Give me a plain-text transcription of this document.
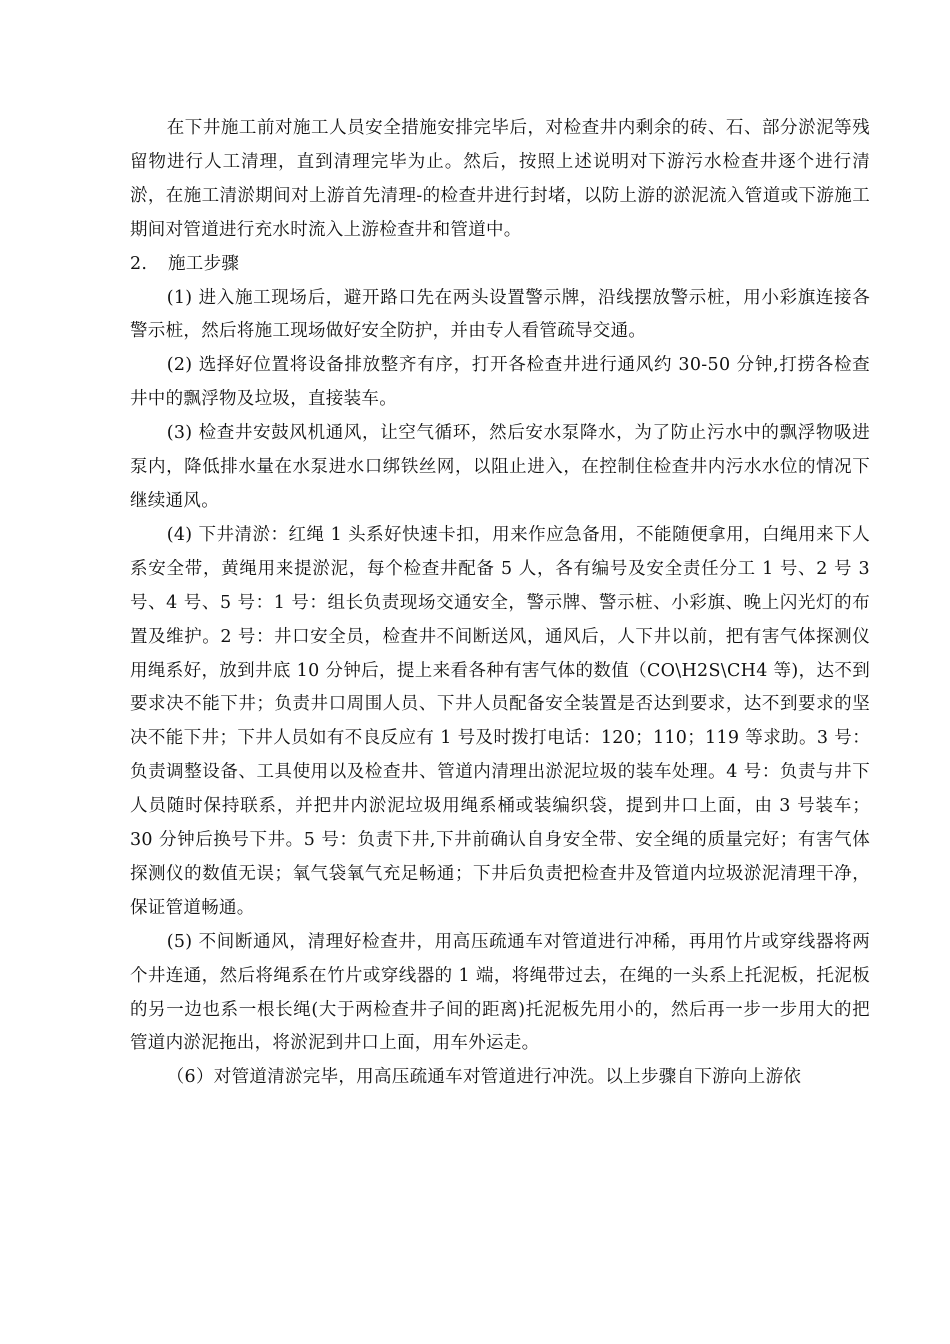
在下井施工前对施工人员安全措施安排完毕后，对检查井内剩余的砖、石、部分淤泥等残留物进行人工清理，直到清理完毕为止。然后，按照上述说明对下游污水检查井逐个进行清淤，在施工清淤期间对上游首先清理-的检查井进行封堵，以防上游的淤泥流入管道或下游施工期间对管道进行充水时流入上游检查井和管道中。

2. 施工步骤

(1) 进入施工现场后，避开路口先在两头设置警示牌，沿线摆放警示桩，用小彩旗连接各警示桩，然后将施工现场做好安全防护，并由专人看管疏导交通。

(2) 选择好位置将设备排放整齐有序，打开各检查井进行通风约 30-50 分钟,打捞各检查井中的飘浮物及垃圾，直接装车。

(3) 检查井安鼓风机通风，让空气循环，然后安水泵降水，为了防止污水中的飘浮物吸进泵内，降低排水量在水泵进水口绑铁丝网，以阻止进入，在控制住检查井内污水水位的情况下继续通风。

(4) 下井清淤：红绳 1 头系好快速卡扣，用来作应急备用，不能随便拿用，白绳用来下人系安全带，黄绳用来提淤泥，每个检查井配备 5 人，各有编号及安全责任分工 1 号、2 号 3 号、4 号、5 号：1 号：组长负责现场交通安全，警示牌、警示桩、小彩旗、晚上闪光灯的布置及维护。2 号：井口安全员，检查井不间断送风，通风后，人下井以前，把有害气体探测仪用绳系好，放到井底 10 分钟后，提上来看各种有害气体的数值（CO\H2S\CH4 等)，达不到要求决不能下井；负责井口周围人员、下井人员配备安全装置是否达到要求，达不到要求的坚决不能下井；下井人员如有不良反应有 1 号及时拨打电话：120；110；119 等求助。3 号：负责调整设备、工具使用以及检查井、管道内清理出淤泥垃圾的装车处理。4 号：负责与井下人员随时保持联系，并把井内淤泥垃圾用绳系桶或装编织袋，提到井口上面，由 3 号装车；30 分钟后换号下井。5 号：负责下井,下井前确认自身安全带、安全绳的质量完好；有害气体探测仪的数值无误；氧气袋氧气充足畅通；下井后负责把检查井及管道内垃圾淤泥清理干净，保证管道畅通。

(5) 不间断通风，清理好检查井，用高压疏通车对管道进行冲稀，再用竹片或穿线器将两个井连通，然后将绳系在竹片或穿线器的 1 端，将绳带过去，在绳的一头系上托泥板，托泥板的另一边也系一根长绳(大于两检查井子间的距离)托泥板先用小的，然后再一步一步用大的把管道内淤泥拖出，将淤泥到井口上面，用车外运走。

（6）对管道清淤完毕，用高压疏通车对管道进行冲洗。以上步骤自下游向上游依
